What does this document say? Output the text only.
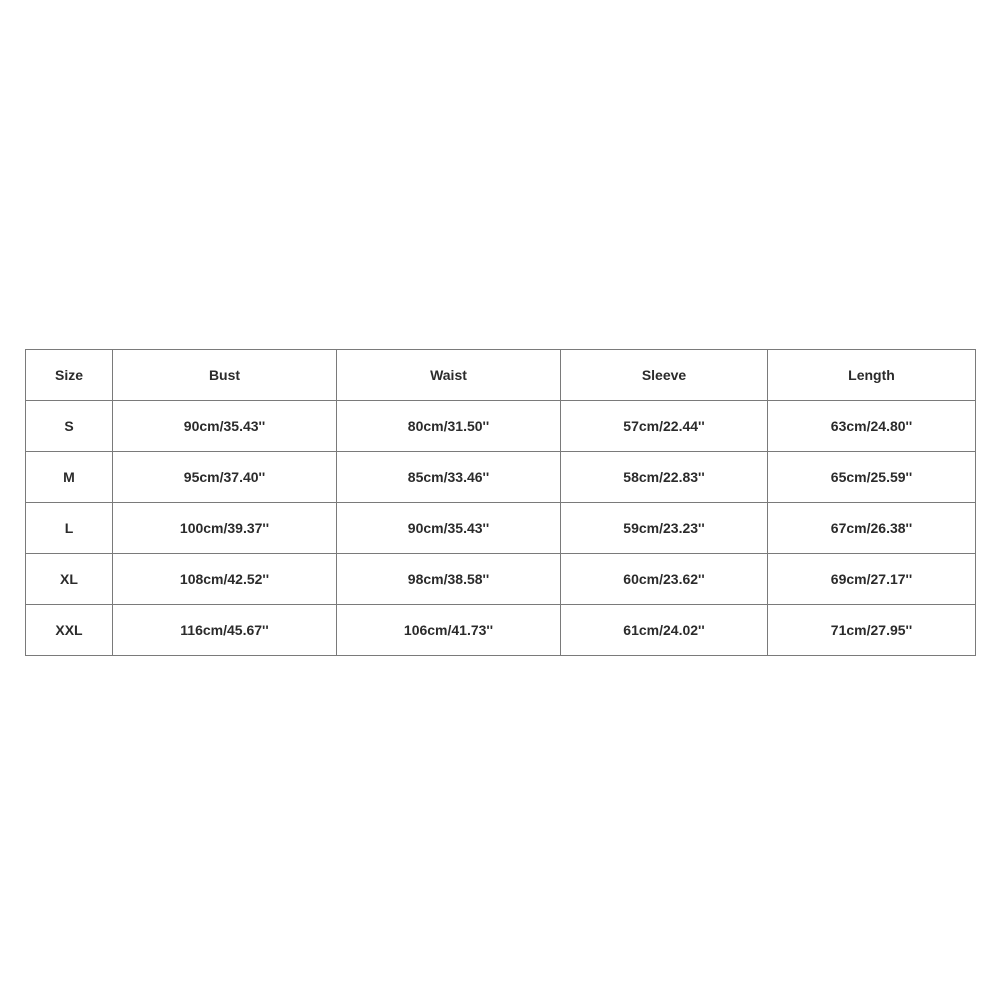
Size	Bust	Waist	Sleeve	Length
S	90cm/35.43''	80cm/31.50''	57cm/22.44''	63cm/24.80''
M	95cm/37.40''	85cm/33.46''	58cm/22.83''	65cm/25.59''
L	100cm/39.37''	90cm/35.43''	59cm/23.23''	67cm/26.38''
XL	108cm/42.52''	98cm/38.58''	60cm/23.62''	69cm/27.17''
XXL	116cm/45.67''	106cm/41.73''	61cm/24.02''	71cm/27.95''
